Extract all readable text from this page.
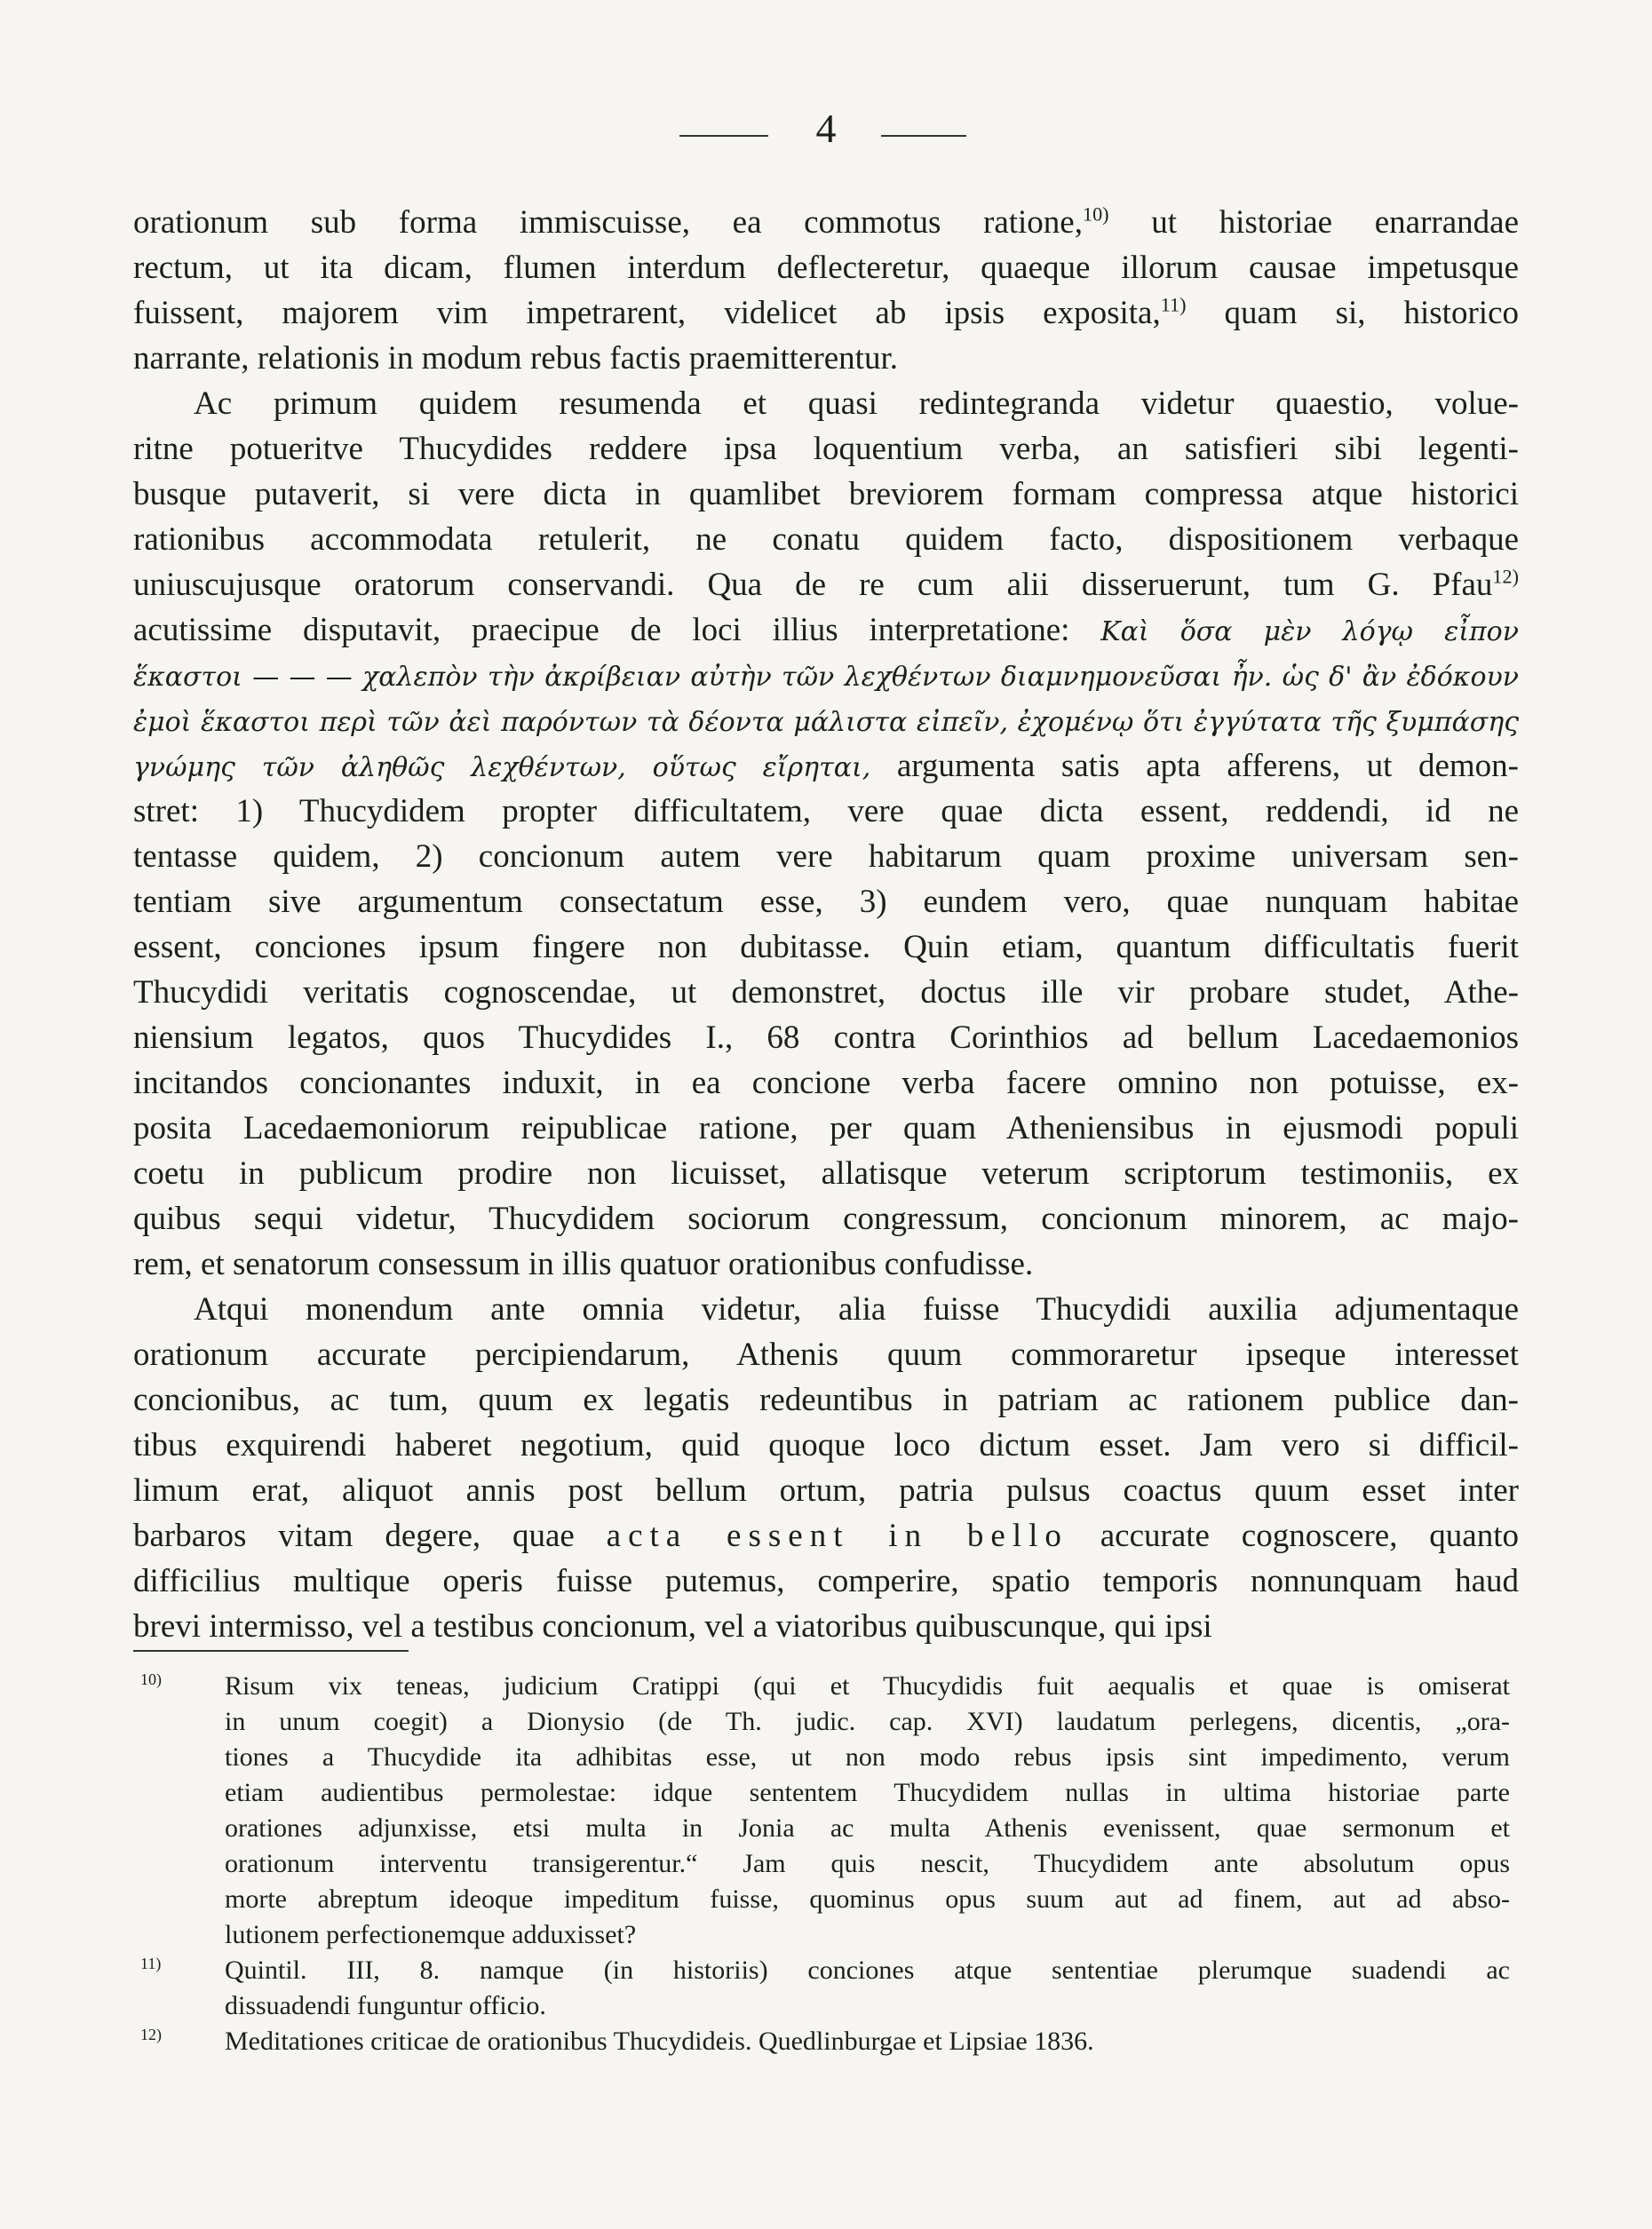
4
orationum sub forma immiscuisse, ea commotus ratione,$^{10)}$ ut historiae enarrandae
rectum, ut ita dicam, flumen interdum deflecteretur, quaeque illorum causae impetusque
fuissent, majorem vim impetrarent, videlicet ab ipsis exposita,$^{11)}$ quam si, historico
narrante, relationis in modum rebus factis praemitterentur.
Ac primum quidem resumenda et quasi redintegranda videtur quaestio, volue-
ritne potueritve Thucydides reddere ipsa loquentium verba, an satisfieri sibi legenti-
busque putaverit, si vere dicta in quamlibet breviorem formam compressa atque historici
rationibus accommodata retulerit, ne conatu quidem facto, dispositionem verbaque
uniuscujusque oratorum conservandi. Qua de re cum alii disseruerunt, tum G. Pfau$^{12)}$
acutissime disputavit, praecipue de loci illius interpretatione: Καὶ ὅσα μὲν λόγῳ εἶπον
ἕκαστοι — — — χαλεπὸν τὴν ἀκρίβειαν αὐτὴν τῶν λεχθέντων διαμνημονεῦσαι ἦν. ὡς δ' ἂν ἐδόκουν
ἐμοὶ ἕκαστοι περὶ τῶν ἀεὶ παρόντων τὰ δέοντα μάλιστα εἰπεῖν, ἐχομένῳ ὅτι ἐγγύτατα τῆς ξυμπάσης
γνώμης τῶν ἀληθῶς λεχθέντων, οὕτως εἴρηται, argumenta satis apta afferens, ut demon-
stret: 1) Thucydidem propter difficultatem, vere quae dicta essent, reddendi, id ne
tentasse quidem, 2) concionum autem vere habitarum quam proxime universam sen-
tentiam sive argumentum consectatum esse, 3) eundem vero, quae nunquam habitae
essent, conciones ipsum fingere non dubitasse. Quin etiam, quantum difficultatis fuerit
Thucydidi veritatis cognoscendae, ut demonstret, doctus ille vir probare studet, Athe-
niensium legatos, quos Thucydides I., 68 contra Corinthios ad bellum Lacedaemonios
incitandos concionantes induxit, in ea concione verba facere omnino non potuisse, ex-
posita Lacedaemoniorum reipublicae ratione, per quam Atheniensibus in ejusmodi populi
coetu in publicum prodire non licuisset, allatisque veterum scriptorum testimoniis, ex
quibus sequi videtur, Thucydidem sociorum congressum, concionum minorem, ac majo-
rem, et senatorum consessum in illis quatuor orationibus confudisse.
Atqui monendum ante omnia videtur, alia fuisse Thucydidi auxilia adjumentaque
orationum accurate percipiendarum, Athenis quum commoraretur ipseque interesset
concionibus, ac tum, quum ex legatis redeuntibus in patriam ac rationem publice dan-
tibus exquirendi haberet negotium, quid quoque loco dictum esset. Jam vero si difficil-
limum erat, aliquot annis post bellum ortum, patria pulsus coactus quum esset inter
barbaros vitam degere, quae acta essent in bello accurate cognoscere, quanto
difficilius multique operis fuisse putemus, comperire, spatio temporis nonnunquam haud
brevi intermisso, vel a testibus concionum, vel a viatoribus quibuscunque, qui ipsi
$^{10)}$ Risum vix teneas, judicium Cratippi (qui et Thucydidis fuit aequalis et quae is omiserat
in unum coegit) a Dionysio (de Th. judic. cap. XVI) laudatum perlegens, dicentis, „ora-
tiones a Thucydide ita adhibitas esse, ut non modo rebus ipsis sint impedimento, verum
etiam audientibus permolestae: idque sententem Thucydidem nullas in ultima historiae parte
orationes adjunxisse, etsi multa in Jonia ac multa Athenis evenissent, quae sermonum et
orationum interventu transigerentur.“ Jam quis nescit, Thucydidem ante absolutum opus
morte abreptum ideoque impeditum fuisse, quominus opus suum aut ad finem, aut ad abso-
lutionem perfectionemque adduxisset?
$^{11)}$ Quintil. III, 8. namque (in historiis) conciones atque sententiae plerumque suadendi ac
dissuadendi funguntur officio.
$^{12)}$ Meditationes criticae de orationibus Thucydideis. Quedlinburgae et Lipsiae 1836.
